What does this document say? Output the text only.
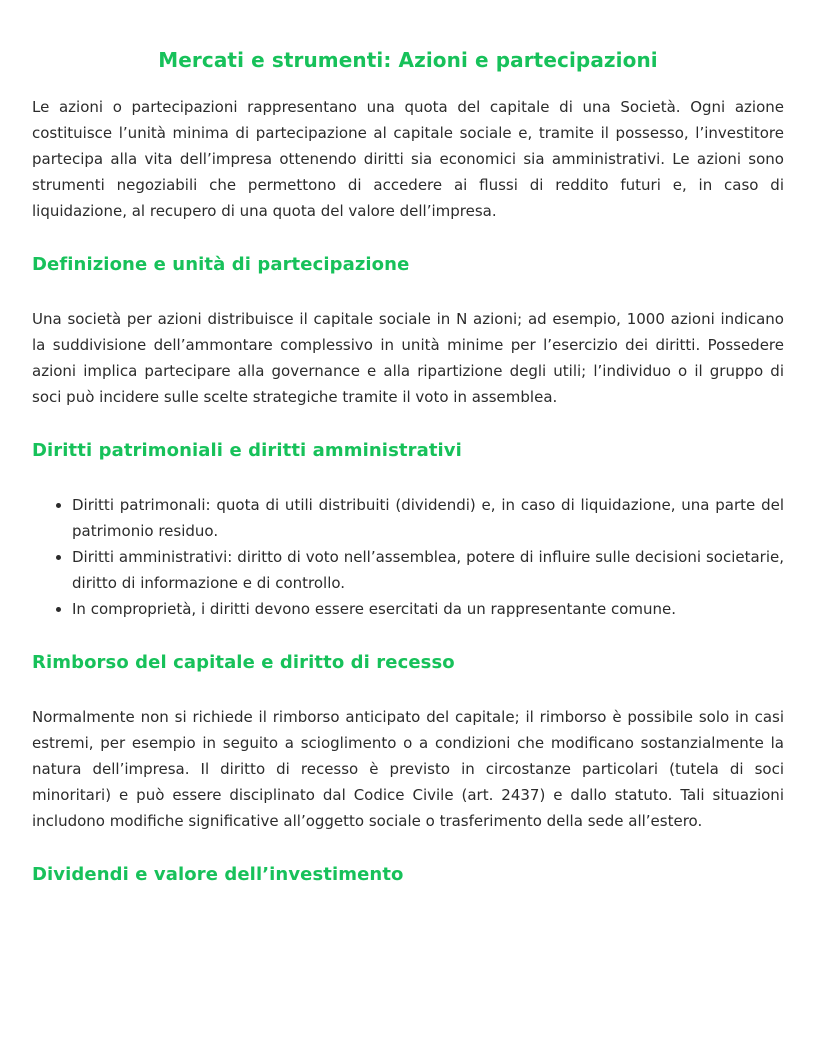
Mercati e strumenti: Azioni e partecipazioni

Le azioni o partecipazioni rappresentano una quota del capitale di una Società. Ogni azione costituisce l’unità minima di partecipazione al capitale sociale e, tramite il possesso, l’investitore partecipa alla vita dell’impresa ottenendo diritti sia economici sia amministrativi. Le azioni sono strumenti negoziabili che permettono di accedere ai flussi di reddito futuri e, in caso di liquidazione, al recupero di una quota del valore dell’impresa.

Definizione e unità di partecipazione

Una società per azioni distribuisce il capitale sociale in N azioni; ad esempio, 1000 azioni indicano la suddivisione dell’ammontare complessivo in unità minime per l’esercizio dei diritti. Possedere azioni implica partecipare alla governance e alla ripartizione degli utili; l’individuo o il gruppo di soci può incidere sulle scelte strategiche tramite il voto in assemblea.

Diritti patrimoniali e diritti amministrativi
• Diritti patrimonali: quota di utili distribuiti (dividendi) e, in caso di liquidazione, una parte del patrimonio residuo.
• Diritti amministrativi: diritto di voto nell’assemblea, potere di influire sulle decisioni societarie, diritto di informazione e di controllo.
• In comproprietà, i diritti devono essere esercitati da un rappresentante comune.
Rimborso del capitale e diritto di recesso

Normalmente non si richiede il rimborso anticipato del capitale; il rimborso è possibile solo in casi estremi, per esempio in seguito a scioglimento o a condizioni che modificano sostanzialmente la natura dell’impresa. Il diritto di recesso è previsto in circostanze particolari (tutela di soci minoritari) e può essere disciplinato dal Codice Civile (art. 2437) e dallo statuto. Tali situazioni includono modifiche significative all’oggetto sociale o trasferimento della sede all’estero.

Dividendi e valore dell’investimento
